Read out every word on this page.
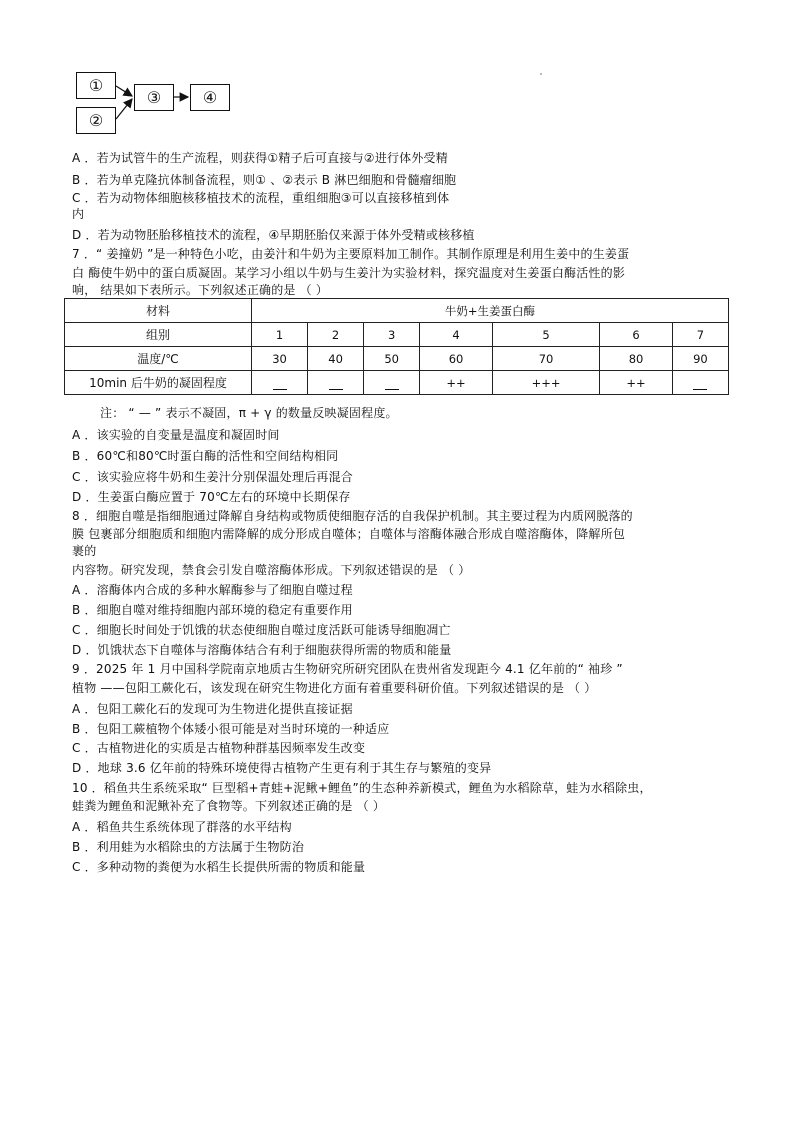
①
②
③	④
A ．若为试管牛的生产流程，则获得①精子后可直接与②进行体外受精
B ．若为单克隆抗体制备流程，则① 、②表示 B 淋巴细胞和骨髓瘤细胞
C ．若为动物体细胞核移植技术的流程，重组细胞③可以直接移植到体
内
D ．若为动物胚胎移植技术的流程，④早期胚胎仅来源于体外受精或核移植
7 ．“ 姜撞奶 ”是一种特色小吃，由姜汁和牛奶为主要原料加工制作。其制作原理是利用生姜中的生姜蛋
白 酶使牛奶中的蛋白质凝固。某学习小组以牛奶与生姜汁为实验材料，探究温度对生姜蛋白酶活性的影
响， 结果如下表所示。下列叙述正确的是 （ ）
材料	牛奶+生姜蛋白酶						
组别	1	2	3	4	5	6	7
温度/℃	30	40	50	60	70	80	90
10min 后牛奶的凝固程度				++	+++	++	
注： “ — ” 表示不凝固，π + γ 的数量反映凝固程度。
A ．该实验的自变量是温度和凝固时间
B ．60℃和80℃时蛋白酶的活性和空间结构相同
C ．该实验应将牛奶和生姜汁分别保温处理后再混合
D ．生姜蛋白酶应置于 70℃左右的环境中长期保存
8 ．细胞自噬是指细胞通过降解自身结构或物质使细胞存活的自我保护机制。其主要过程为内质网脱落的
膜 包裹部分细胞质和细胞内需降解的成分形成自噬体；自噬体与溶酶体融合形成自噬溶酶体，降解所包
裹的
内容物。研究发现，禁食会引发自噬溶酶体形成。下列叙述错误的是 （ ）
A ．溶酶体内合成的多种水解酶参与了细胞自噬过程
B ．细胞自噬对维持细胞内部环境的稳定有重要作用
C ．细胞长时间处于饥饿的状态使细胞自噬过度活跃可能诱导细胞凋亡
D ．饥饿状态下自噬体与溶酶体结合有利于细胞获得所需的物质和能量
9 ．2025 年 1 月中国科学院南京地质古生物研究所研究团队在贵州省发现距今 4.1 亿年前的“ 袖珍 ”
植物 ——包阳工蕨化石，该发现在研究生物进化方面有着重要科研价值。下列叙述错误的是 （ ）
A ．包阳工蕨化石的发现可为生物进化提供直接证据
B ．包阳工蕨植物个体矮小很可能是对当时环境的一种适应
C ．古植物进化的实质是古植物种群基因频率发生改变
D ．地球 3.6 亿年前的特殊环境使得古植物产生更有利于其生存与繁殖的变异
10 ．稻鱼共生系统采取“ 巨型稻+青蛙+泥鳅+鲤鱼”的生态种养新模式，鲤鱼为水稻除草，蛙为水稻除虫，
蛙粪为鲤鱼和泥鳅补充了食物等。下列叙述正确的是 （ ）
A ．稻鱼共生系统体现了群落的水平结构
B ．利用蛙为水稻除虫的方法属于生物防治
C ．多种动物的粪便为水稻生长提供所需的物质和能量
